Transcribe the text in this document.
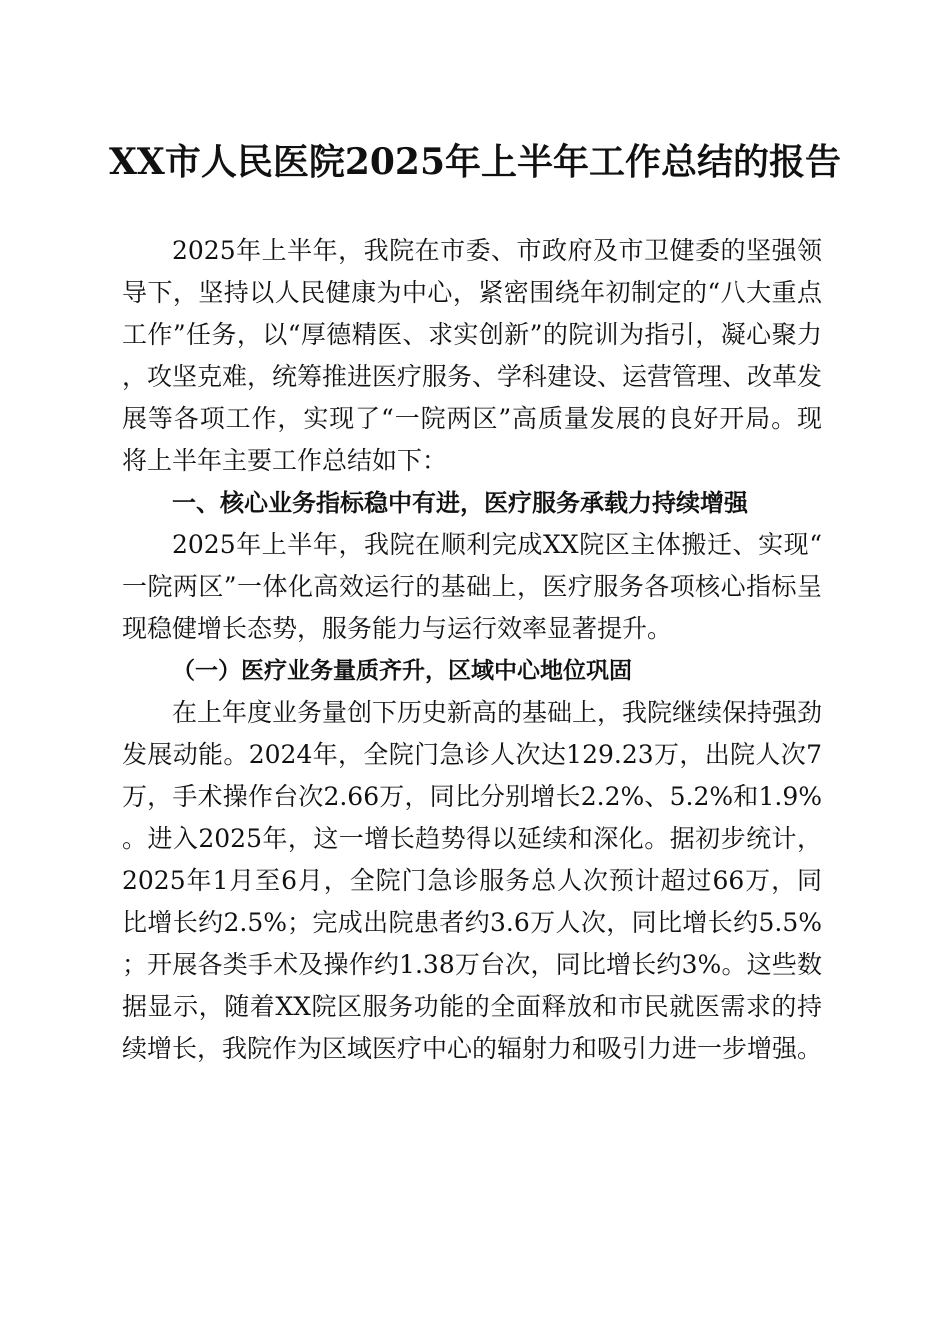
XX市人民医院2025年上半年工作总结的报告

2025年上半年，我院在市委、市政府及市卫健委的坚强领导下，坚持以人民健康为中心，紧密围绕年初制定的“八大重点工作”任务，以“厚德精医、求实创新”的院训为指引，凝心聚力，攻坚克难，统筹推进医疗服务、学科建设、运营管理、改革发展等各项工作，实现了“一院两区”高质量发展的良好开局。现将上半年主要工作总结如下：

一、核心业务指标稳中有进，医疗服务承载力持续增强

2025年上半年，我院在顺利完成XX院区主体搬迁、实现“一院两区”一体化高效运行的基础上，医疗服务各项核心指标呈现稳健增长态势，服务能力与运行效率显著提升。

（一）医疗业务量质齐升，区域中心地位巩固

在上年度业务量创下历史新高的基础上，我院继续保持强劲发展动能。2024年，全院门急诊人次达129.23万，出院人次7万，手术操作台次2.66万，同比分别增长2.2%、5.2%和1.9%。进入2025年，这一增长趋势得以延续和深化。据初步统计，2025年1月至6月，全院门急诊服务总人次预计超过66万，同比增长约2.5%；完成出院患者约3.6万人次，同比增长约5.5%；开展各类手术及操作约1.38万台次，同比增长约3%。这些数据显示，随着XX院区服务功能的全面释放和市民就医需求的持续增长，我院作为区域医疗中心的辐射力和吸引力进一步增强。
